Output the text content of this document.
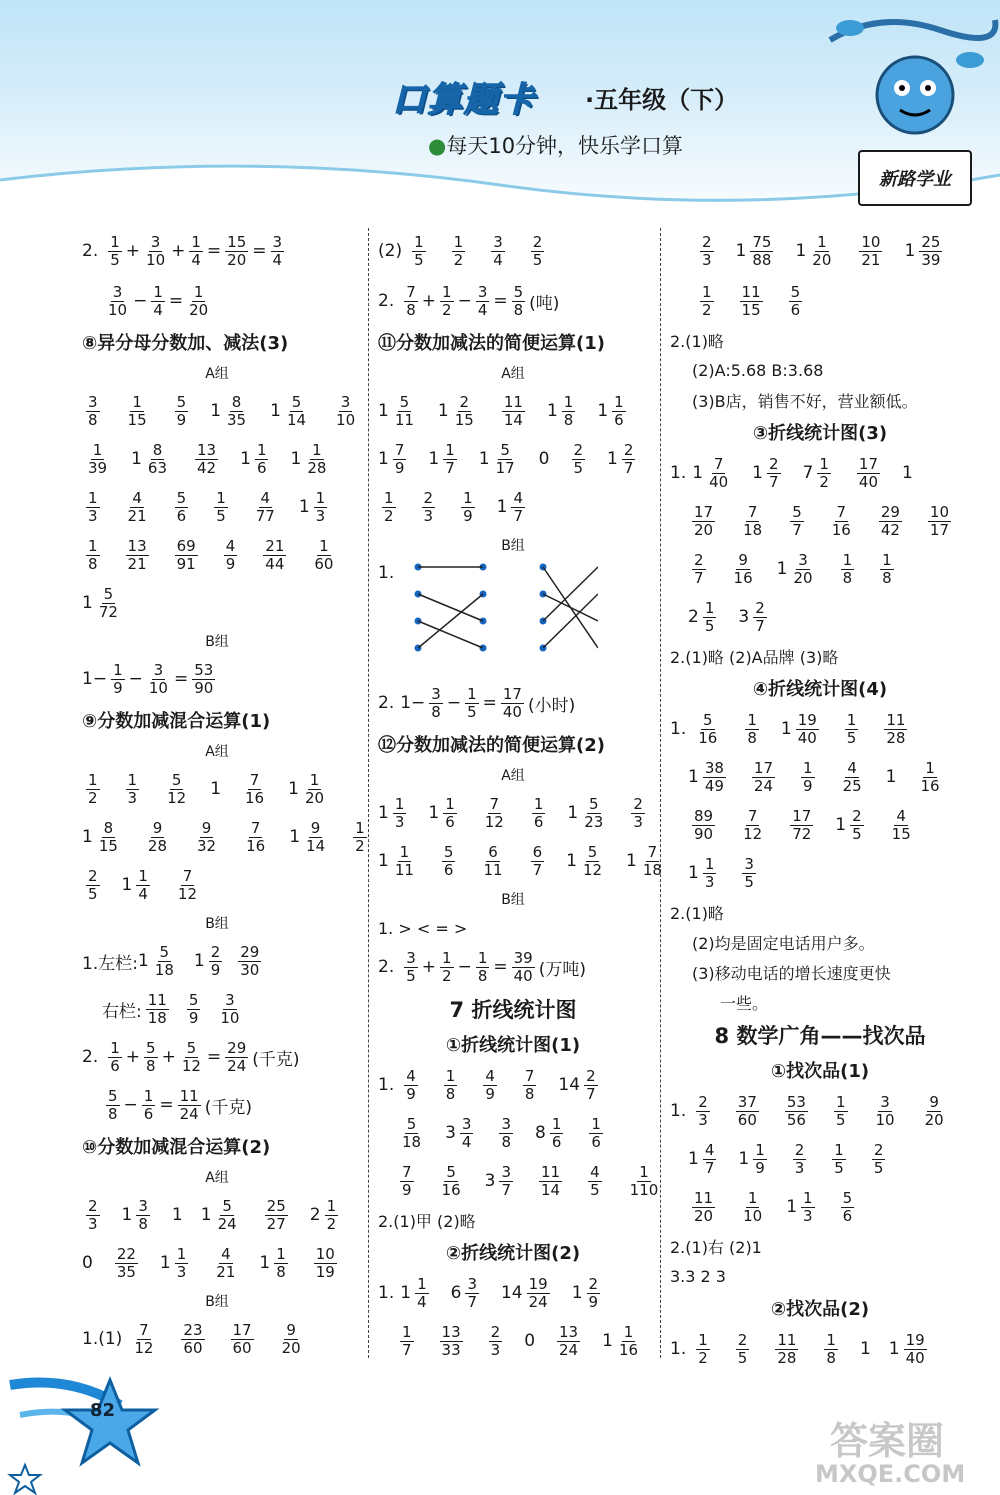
口算题卡 ·五年级（下）
●每天10分钟，快乐学口算
新路学业
2. 1
5 + 3
10 + 1
4 = 15
20 = 3
4
3
10 − 1
4 = 1
20
⑧异分母分数加、减法(3)
A组
3
8
1
15
5
9 1 8
35 1 5
14
3
10
1
39 1 8
63
13
42 1 1
6 1 1
28
1
3
4
21
5
6
1
5
4
77 1 1
3
1
8
13
21
69
91
4
9
21
44
1
60
1 5
72
B组
1− 1
9 − 3
10 = 53
90
⑨分数加减混合运算(1)
A组
1
2
1
3
5
12 1 7
16 1 1
20
1 8
15
9
28
9
32
7
16 1 9
14
1
2
2
5 1 1
4
7
12
B组
1.左栏: 1 5
18 1 2
9
29
30
右栏:
11
18
5
9
3
10
2. 1
6 + 5
8 + 5
12 = 29
24 (千克)
5
8 − 1
6 = 11
24 (千克)
⑩分数加减混合运算(2)
A组
2
3 1 3
8 1 1 5
24
25
27 2 1
2
0 22
35 1 1
3
4
21 1 1
8
10
19
B组
1.(1) 7
12
23
60
17
60
9
20
(2) 1
5
1
2
3
4
2
5
2. 7
8 + 1
2 − 3
4 = 5
8 (吨)
⑪分数加减法的简便运算(1)
A组
1 5
11 1 2
15
11
14 1 1
8 1 1
6
1 7
9 1 1
7 1 5
17 0 2
5 1 2
7
1
2
2
3
1
9 1 4
7
B组
1.
2. 1− 3
8 − 1
5 = 17
40 (小时)
⑫分数加减法的简便运算(2)
A组
1 1
3 1 1
6
7
12
1
6 1 5
23
2
3
1 1
11
5
6
6
11
6
7 1 5
12 1 7
18
B组
1. > < = >
2. 3
5 + 1
2 − 1
8 = 39
40 (万吨)
7 折线统计图
①折线统计图(1)
1. 4
9
1
8
4
9
7
8 14 2
7
5
18 3 3
4
3
8 8 1
6
1
6
7
9
5
16 3 3
7
11
14
4
5
1
110
2.(1)甲 (2)略
②折线统计图(2)
1. 1 1
4 6 3
7 14 19
24 1 2
9
1
7
13
33
2
3 0 13
24 1 1
16
2
3 1 75
88 1 1
20
10
21 1 25
39
1
2
11
15
5
6
2.(1)略
(2)A:5.68 B:3.68
(3)B店，销售不好，营业额低。
③折线统计图(3)
1. 1 7
40 1 2
7 7 1
2
17
40 1
17
20
7
18
5
7
7
16
29
42
10
17
2
7
9
16 1 3
20
1
8
1
8
2 1
5 3 2
7
2.(1)略 (2)A品牌 (3)略
④折线统计图(4)
1. 5
16
1
8 1 19
40
1
5
11
28
1 38
49
17
24
1
9
4
25 1 1
16
89
90
7
12
17
72 1 2
5
4
15
1 1
3
3
5
2.(1)略
(2)均是固定电话用户多。
(3)移动电话的增长速度更快
一些。
8 数学广角——找次品
①找次品(1)
1. 2
3
37
60
53
56
1
5
3
10
9
20
1 4
7 1 1
9
2
3
1
5
2
5
11
20
1
10 1 1
3
5
6
2.(1)右 (2)1
3.3 2 3
②找次品(2)
1. 1
2
2
5
11
28
1
8 1 1 19
40
82
答案圈
MXQE.COM
